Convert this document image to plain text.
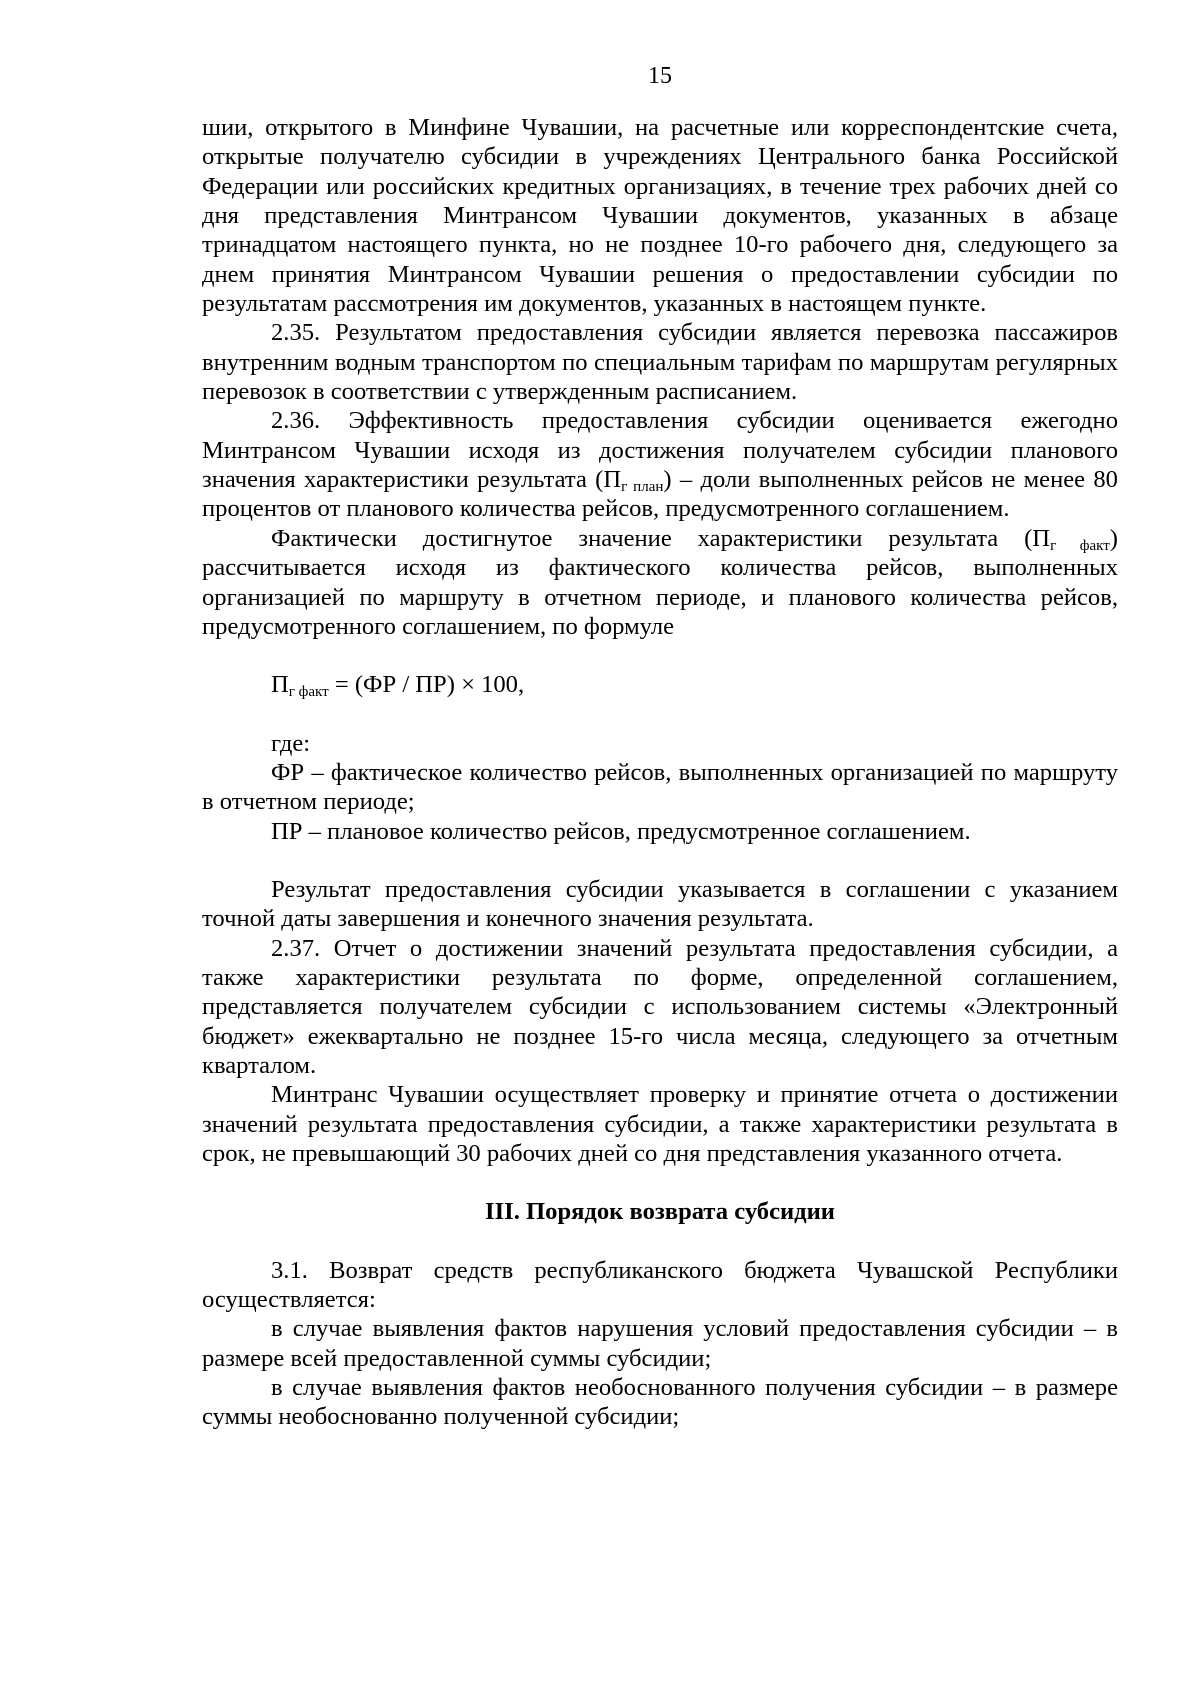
15

шии, открытого в Минфине Чувашии, на расчетные или корреспондентские счета, открытые получателю субсидии в учреждениях Центрального банка Российской Федерации или российских кредитных организациях, в течение трех рабочих дней со дня представления Минтрансом Чувашии документов, указанных в абзаце тринадцатом настоящего пункта, но не позднее 10-го рабочего дня, следующего за днем принятия Минтрансом Чувашии решения о предоставлении субсидии по результатам рассмотрения им документов, указанных в настоящем пункте.

2.35. Результатом предоставления субсидии является перевозка пассажиров внутренним водным транспортом по специальным тарифам по маршрутам регулярных перевозок в соответствии с утвержденным расписанием.

2.36. Эффективность предоставления субсидии оценивается ежегодно Минтрансом Чувашии исходя из достижения получателем субсидии планового значения характеристики результата $(П_{г план})$ – доли выполненных рейсов не менее 80 процентов от планового количества рейсов, предусмотренного соглашением.

Фактически достигнутое значение характеристики результата $(П_{г факт})$ рассчитывается исходя из фактического количества рейсов, выполненных организацией по маршруту в отчетном периоде, и планового количества рейсов, предусмотренного соглашением, по формуле

$П_{г факт} = (ФР / ПР) \times 100$,

где:

ФР – фактическое количество рейсов, выполненных организацией по маршруту в отчетном периоде;

ПР – плановое количество рейсов, предусмотренное соглашением.

Результат предоставления субсидии указывается в соглашении с указанием точной даты завершения и конечного значения результата.

2.37. Отчет о достижении значений результата предоставления субсидии, а также характеристики результата по форме, определенной соглашением, представляется получателем субсидии с использованием системы «Электронный бюджет» ежеквартально не позднее 15-го числа месяца, следующего за отчетным кварталом.

Минтранс Чувашии осуществляет проверку и принятие отчета о достижении значений результата предоставления субсидии, а также характеристики результата в срок, не превышающий 30 рабочих дней со дня представления указанного отчета.

III. Порядок возврата субсидии

3.1. Возврат средств республиканского бюджета Чувашской Республики осуществляется:

в случае выявления фактов нарушения условий предоставления субсидии – в размере всей предоставленной суммы субсидии;

в случае выявления фактов необоснованного получения субсидии – в размере суммы необоснованно полученной субсидии;
